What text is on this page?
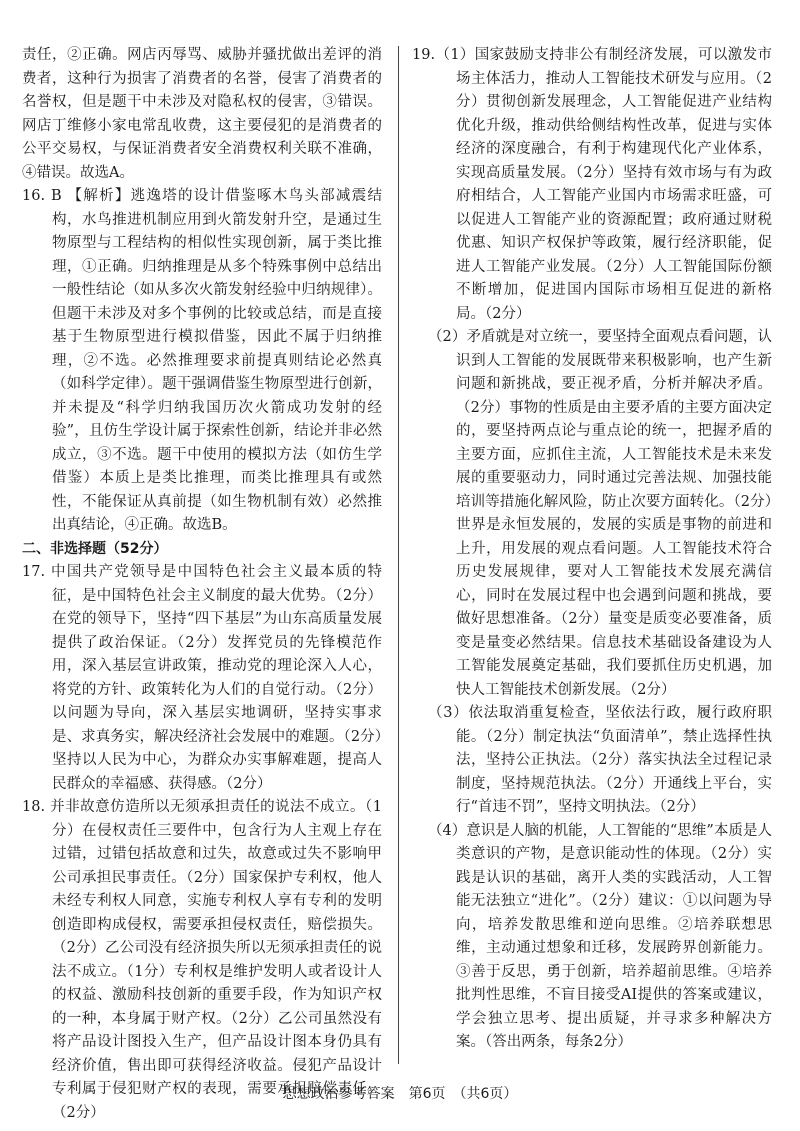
责任，②正确。网店丙辱骂、威胁并骚扰做出差评的消费者，这种行为损害了消费者的名誉，侵害了消费者的名誉权，但是题干中未涉及对隐私权的侵害，③错误。网店丁维修小家电常乱收费，这主要侵犯的是消费者的公平交易权，与保证消费者安全消费权利关联不准确，④错误。故选A。

16. B 【解析】逃逸塔的设计借鉴啄木鸟头部减震结构，水鸟推进机制应用到火箭发射升空，是通过生物原型与工程结构的相似性实现创新，属于类比推理，①正确。归纳推理是从多个特殊事例中总结出一般性结论（如从多次火箭发射经验中归纳规律）。但题干未涉及对多个事例的比较或总结，而是直接基于生物原型进行模拟借鉴，因此不属于归纳推理，②不选。必然推理要求前提真则结论必然真（如科学定律）。题干强调借鉴生物原型进行创新，并未提及“科学归纳我国历次火箭成功发射的经验”，且仿生学设计属于探索性创新，结论并非必然成立，③不选。题干中使用的模拟方法（如仿生学借鉴）本质上是类比推理，而类比推理具有或然性，不能保证从真前提（如生物机制有效）必然推出真结论，④正确。故选B。

二、非选择题（52分）

17. 中国共产党领导是中国特色社会主义最本质的特征，是中国特色社会主义制度的最大优势。（2分）在党的领导下，坚持“四下基层”为山东高质量发展提供了政治保证。（2分）发挥党员的先锋模范作用，深入基层宣讲政策，推动党的理论深入人心，将党的方针、政策转化为人们的自觉行动。（2分）以问题为导向，深入基层实地调研，坚持实事求是、求真务实，解决经济社会发展中的难题。（2分）坚持以人民为中心，为群众办实事解难题，提高人民群众的幸福感、获得感。（2分）

18. 并非故意仿造所以无须承担责任的说法不成立。（1分）在侵权责任三要件中，包含行为人主观上存在过错，过错包括故意和过失，故意或过失不影响甲公司承担民事责任。（2分）国家保护专利权，他人未经专利权人同意，实施专利权人享有专利的发明创造即构成侵权，需要承担侵权责任，赔偿损失。（2分）乙公司没有经济损失所以无须承担责任的说法不成立。（1分）专利权是维护发明人或者设计人的权益、激励科技创新的重要手段，作为知识产权的一种，本身属于财产权。（2分）乙公司虽然没有将产品设计图投入生产，但产品设计图本身仍具有经济价值，售出即可获得经济收益。侵犯产品设计专利属于侵犯财产权的表现，需要承担赔偿责任。（2分）

19.（1）国家鼓励支持非公有制经济发展，可以激发市场主体活力，推动人工智能技术研发与应用。（2分）贯彻创新发展理念，人工智能促进产业结构优化升级，推动供给侧结构性改革，促进与实体经济的深度融合，有利于构建现代化产业体系，实现高质量发展。（2分）坚持有效市场与有为政府相结合，人工智能产业国内市场需求旺盛，可以促进人工智能产业的资源配置；政府通过财税优惠、知识产权保护等政策，履行经济职能，促进人工智能产业发展。（2分）人工智能国际份额不断增加，促进国内国际市场相互促进的新格局。（2分）

（2）矛盾就是对立统一，要坚持全面观点看问题，认识到人工智能的发展既带来积极影响，也产生新问题和新挑战，要正视矛盾，分析并解决矛盾。（2分）事物的性质是由主要矛盾的主要方面决定的，要坚持两点论与重点论的统一，把握矛盾的主要方面，应抓住主流，人工智能技术是未来发展的重要驱动力，同时通过完善法规、加强技能培训等措施化解风险，防止次要方面转化。（2分）世界是永恒发展的，发展的实质是事物的前进和上升，用发展的观点看问题。人工智能技术符合历史发展规律，要对人工智能技术发展充满信心，同时在发展过程中也会遇到问题和挑战，要做好思想准备。（2分）量变是质变必要准备，质变是量变必然结果。信息技术基础设备建设为人工智能发展奠定基础，我们要抓住历史机遇，加快人工智能技术创新发展。（2分）

（3）依法取消重复检查，坚依法行政，履行政府职能。（2分）制定执法“负面清单”，禁止选择性执法，坚持公正执法。（2分）落实执法全过程记录制度，坚持规范执法。（2分）开通线上平台，实行“首违不罚”，坚持文明执法。（2分）

（4）意识是人脑的机能，人工智能的“思维”本质是人类意识的产物，是意识能动性的体现。（2分）实践是认识的基础，离开人类的实践活动，人工智能无法独立“进化”。（2分）建议：①以问题为导向，培养发散思维和逆向思维。②培养联想思维，主动通过想象和迁移，发展跨界创新能力。③善于反思，勇于创新，培养超前思维。④培养批判性思维，不盲目接受AI提供的答案或建议，学会独立思考、提出质疑，并寻求多种解决方案。（答出两条，每条2分）

思想政治参考答案　第6页　（共6页）
